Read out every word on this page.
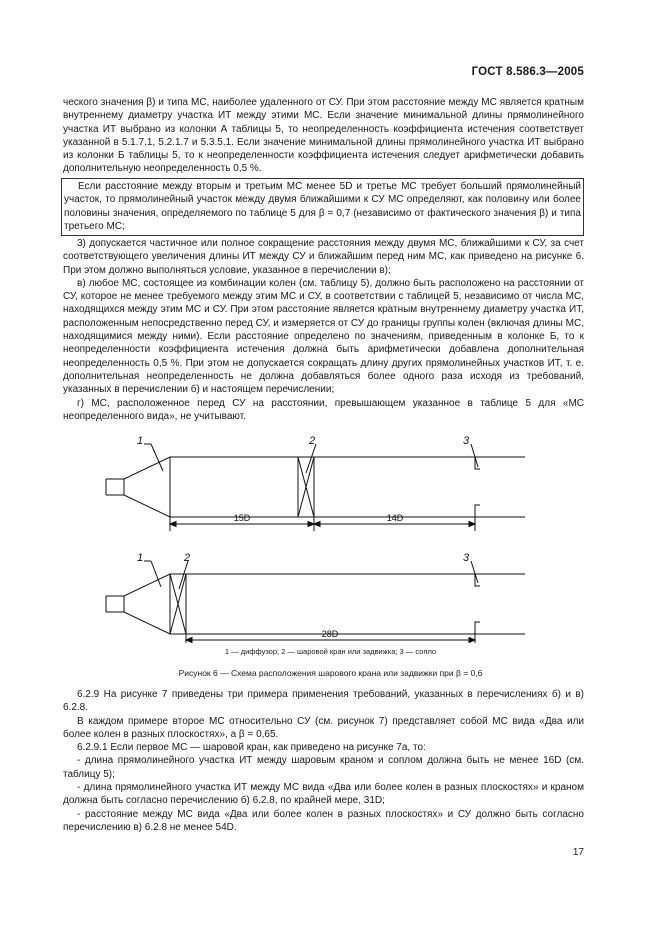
ГОСТ 8.586.3—2005

ческого значения β) и типа МС, наиболее удаленного от СУ. При этом расстояние между МС является кратным внутреннему диаметру участка ИТ между этими МС. Если значение минимальной длины прямолинейного участка ИТ выбрано из колонки А таблицы 5, то неопределенность коэффициента истечения соответствует указанной в 5.1.7.1, 5.2.1.7 и 5.3.5.1. Если значение минимальной длины прямолинейного участка ИТ выбрано из колонки Б таблицы 5, то к неопределенности коэффициента истечения следует арифметически добавить дополнительную неопределенность 0,5 %.

Если расстояние между вторым и третьим МС менее 5D и третье МС требует больший прямолинейный участок, то прямолинейный участок между двумя ближайшими к СУ МС определяют, как половину или более половины значения, определяемого по таблице 5 для β = 0,7 (независимо от фактического значения β) и типа третьего МС;

3) допускается частичное или полное сокращение расстояния между двумя МС, ближайшими к СУ, за счет соответствующего увеличения длины ИТ между СУ и ближайшим перед ним МС, как приведено на рисунке 6. При этом должно выполняться условие, указанное в перечислении в);

в) любое МС, состоящее из комбинации колен (см. таблицу 5), должно быть расположено на расстоянии от СУ, которое не менее требуемого между этим МС и СУ, в соответствии с таблицей 5, независимо от числа МС, находящихся между этим МС и СУ. При этом расстояние является кратным внутреннему диаметру участка ИТ, расположенным непосредственно перед СУ, и измеряется от СУ до границы группы колен (включая длины МС, находящимися между ними). Если расстояние определено по значениям, приведенным в колонке Б, то к неопределенности коэффициента истечения должна быть арифметически добавлена дополнительная неопределенность 0,5 %. При этом не допускается сокращать длину других прямолинейных участков ИТ, т. е. дополнительная неопределенность не должна добавляться более одного раза исходя из требований, указанных в перечислении б) и настоящем перечислении;

г) МС, расположенное перед СУ на расстоянии, превышающем указанное в таблице 5 для «МС неопределенного вида», не учитывают.

1	2	3
1	2	3
15D	14D
28D
1 — диффузор; 2 — шаровой кран или задвижка; 3 — сопло
Рисунок 6 — Схема расположения шарового крана или задвижки при β = 0,6

6.2.9 На рисунке 7 приведены три примера применения требований, указанных в перечислениях б) и в) 6.2.8.

В каждом примере второе МС относительно СУ (см. рисунок 7) представляет собой МС вида «Два или более колен в разных плоскостях», а β = 0,65.

6.2.9.1 Если первое МС — шаровой кран, как приведено на рисунке 7а, то:

- длина прямолинейного участка ИТ между шаровым краном и соплом должна быть не менее 16D (см. таблицу 5);

- длина прямолинейного участка ИТ между МС вида «Два или более колен в разных плоскостях» и краном должна быть согласно перечислению б) 6.2.8, по крайней мере, 31D;

- расстояние между МС вида «Два или более колен в разных плоскостях» и СУ должно быть согласно перечислению в) 6.2.8 не менее 54D.

17
